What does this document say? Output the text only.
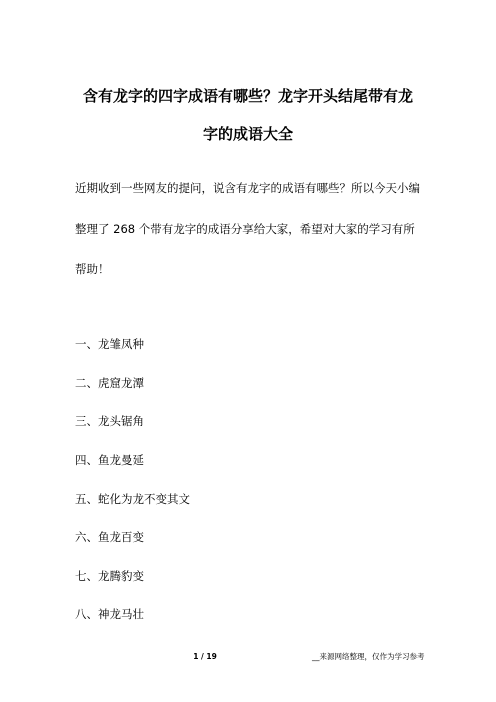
含有龙字的四字成语有哪些？龙字开头结尾带有龙
字的成语大全
近期收到一些网友的提问，说含有龙字的成语有哪些？所以今天小编
整理了 268 个带有龙字的成语分享给大家，希望对大家的学习有所
帮助！
一、龙雏凤种
二、虎窟龙潭
三、龙头锯角
四、鱼龙曼延
五、蛇化为龙不变其文
六、鱼龙百变
七、龙腾豹变
八、神龙马壮
1 / 19	__来源网络整理，仅作为学习参考
